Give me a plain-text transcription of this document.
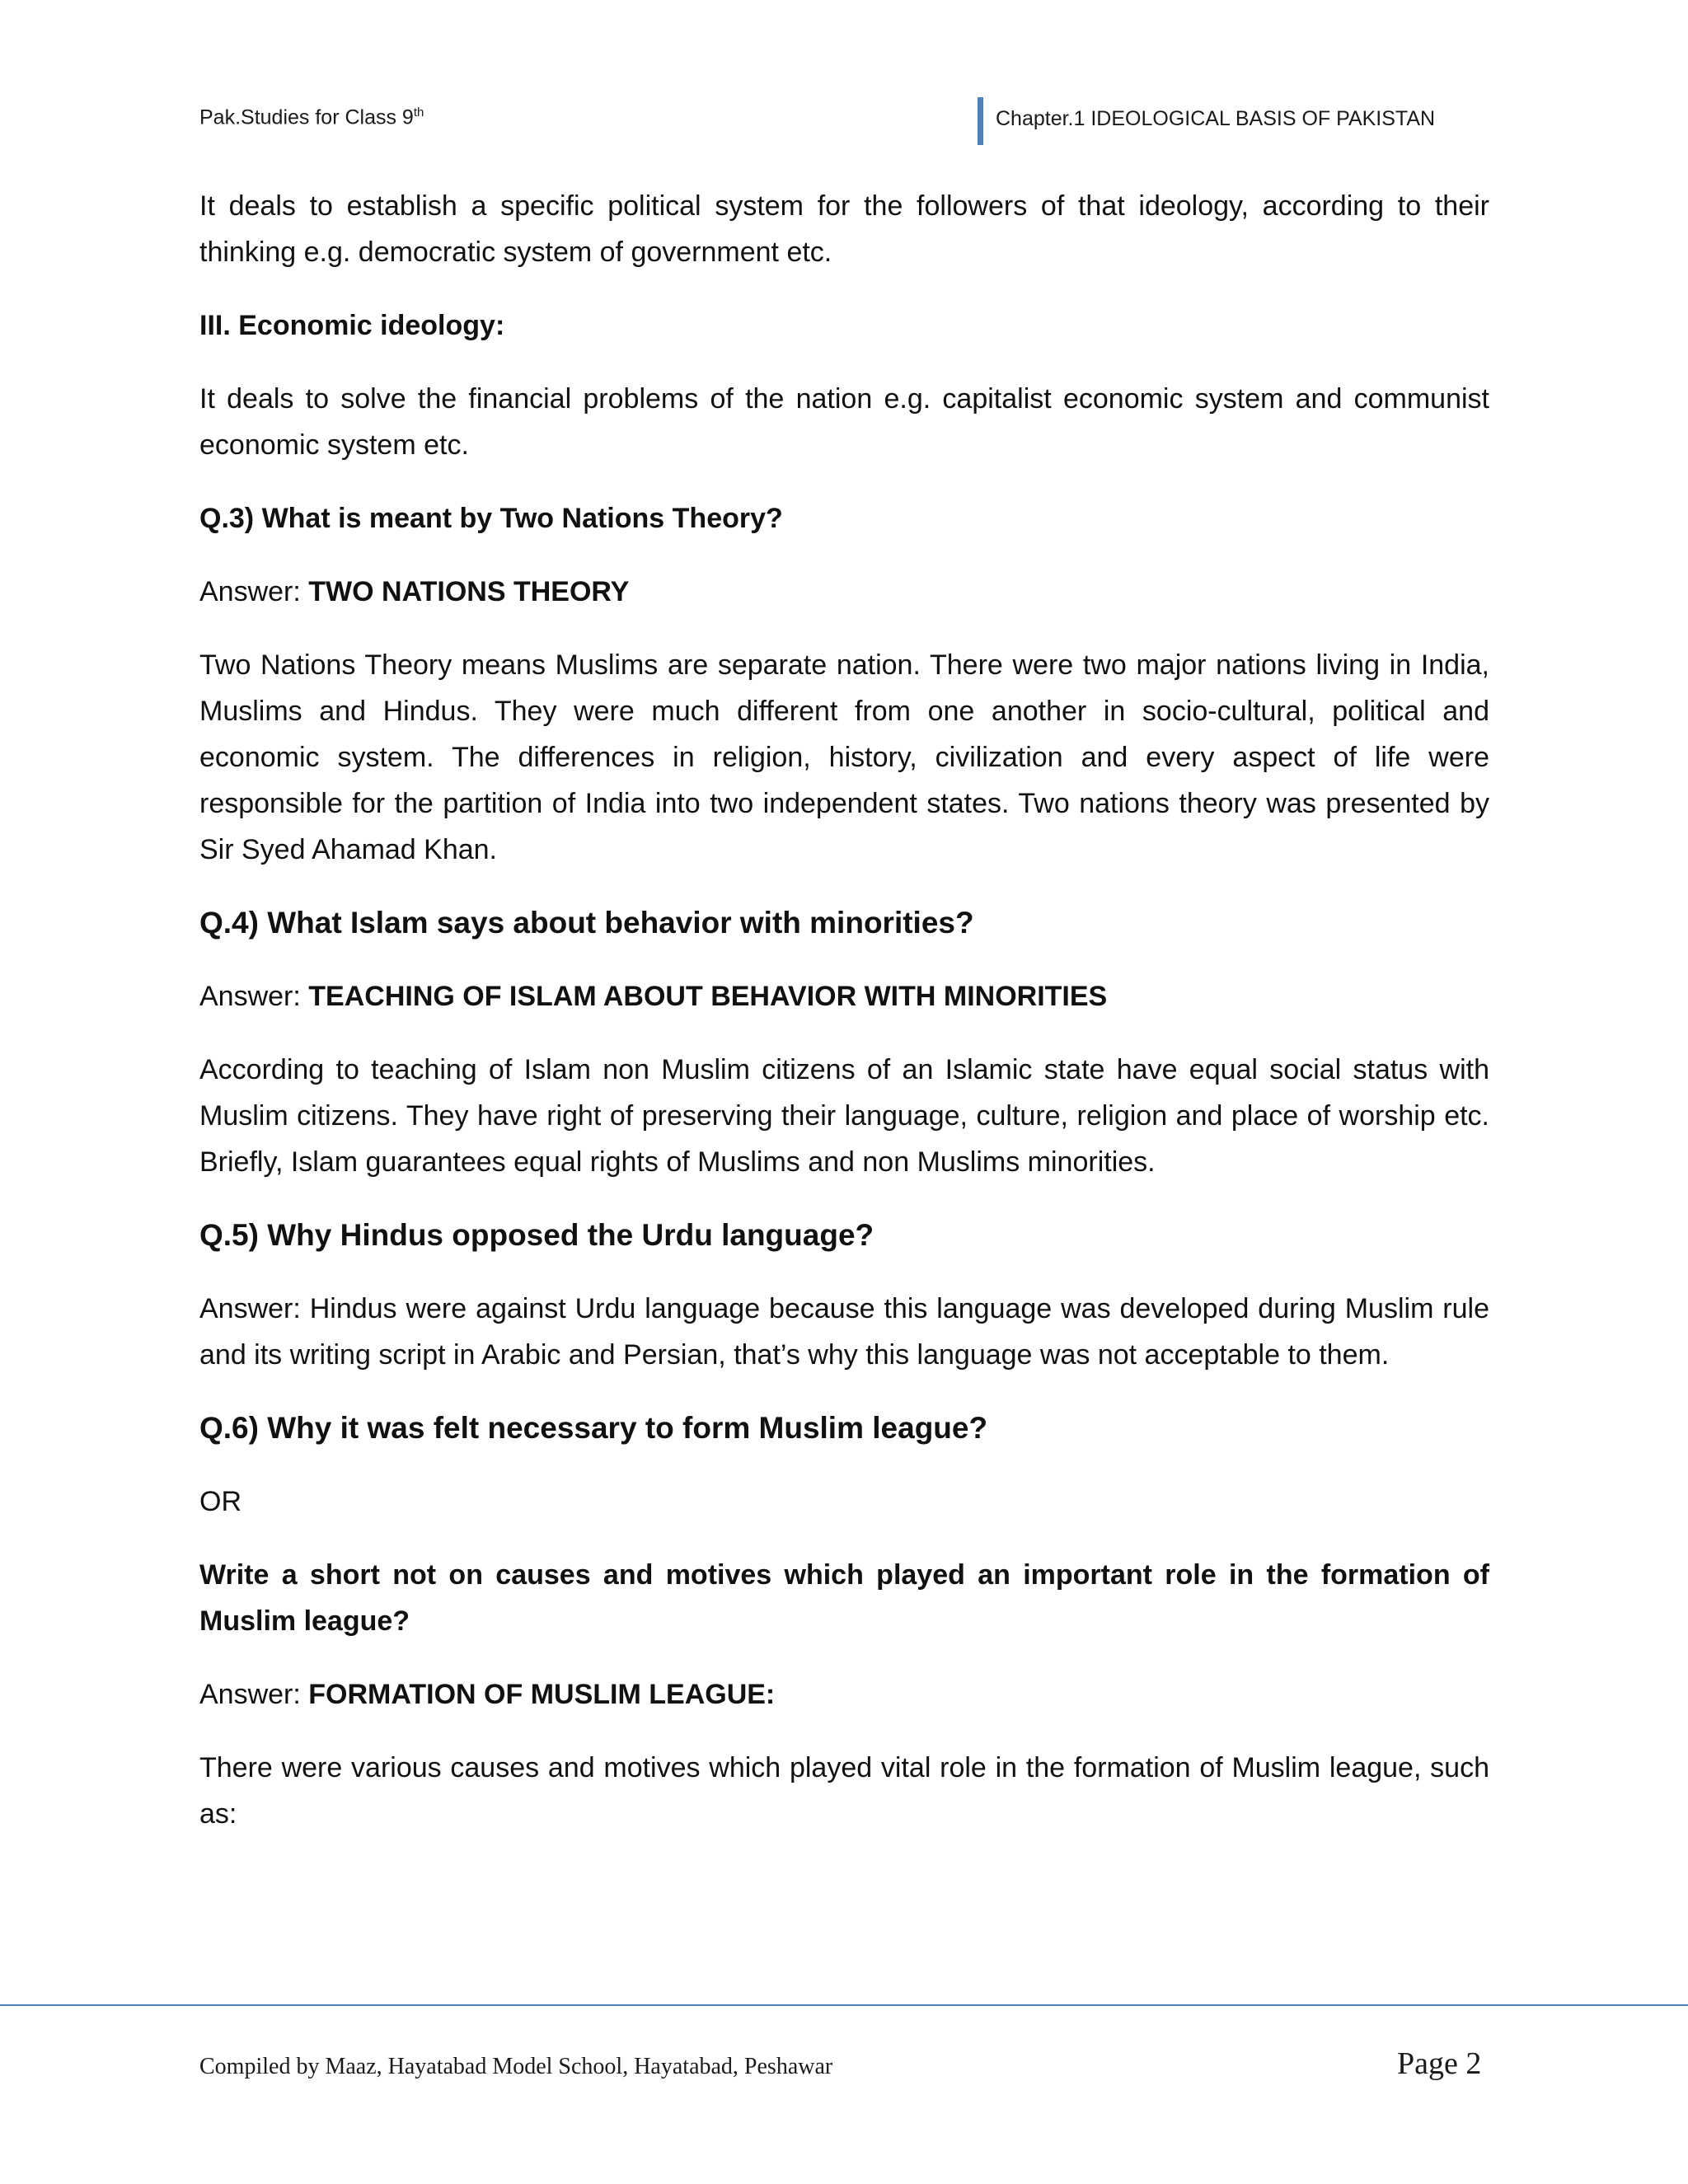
Pak.Studies for Class 9th	Chapter.1 IDEOLOGICAL BASIS OF PAKISTAN

It deals to establish a specific political system for the followers of that ideology, according to their thinking e.g. democratic system of government etc.

III. Economic ideology:

It deals to solve the financial problems of the nation e.g. capitalist economic system and communist economic system etc.

Q.3) What is meant by Two Nations Theory?

Answer: TWO NATIONS THEORY

Two Nations Theory means Muslims are separate nation. There were two major nations living in India, Muslims and Hindus. They were much different from one another in socio-cultural, political and economic system. The differences in religion, history, civilization and every aspect of life were responsible for the partition of India into two independent states. Two nations theory was presented by Sir Syed Ahamad Khan.

Q.4) What Islam says about behavior with minorities?

Answer: TEACHING OF ISLAM ABOUT BEHAVIOR WITH MINORITIES

According to teaching of Islam non Muslim citizens of an Islamic state have equal social status with Muslim citizens. They have right of preserving their language, culture, religion and place of worship etc. Briefly, Islam guarantees equal rights of Muslims and non Muslims minorities.

Q.5) Why Hindus opposed the Urdu language?

Answer: Hindus were against Urdu language because this language was developed during Muslim rule and its writing script in Arabic and Persian, that’s why this language was not acceptable to them.

Q.6) Why it was felt necessary to form Muslim league?

OR

Write a short not on causes and motives which played an important role in the formation of Muslim league?

Answer: FORMATION OF MUSLIM LEAGUE:

There were various causes and motives which played vital role in the formation of Muslim league, such as:

Compiled by Maaz, Hayatabad Model School, Hayatabad, Peshawar	Page 2
